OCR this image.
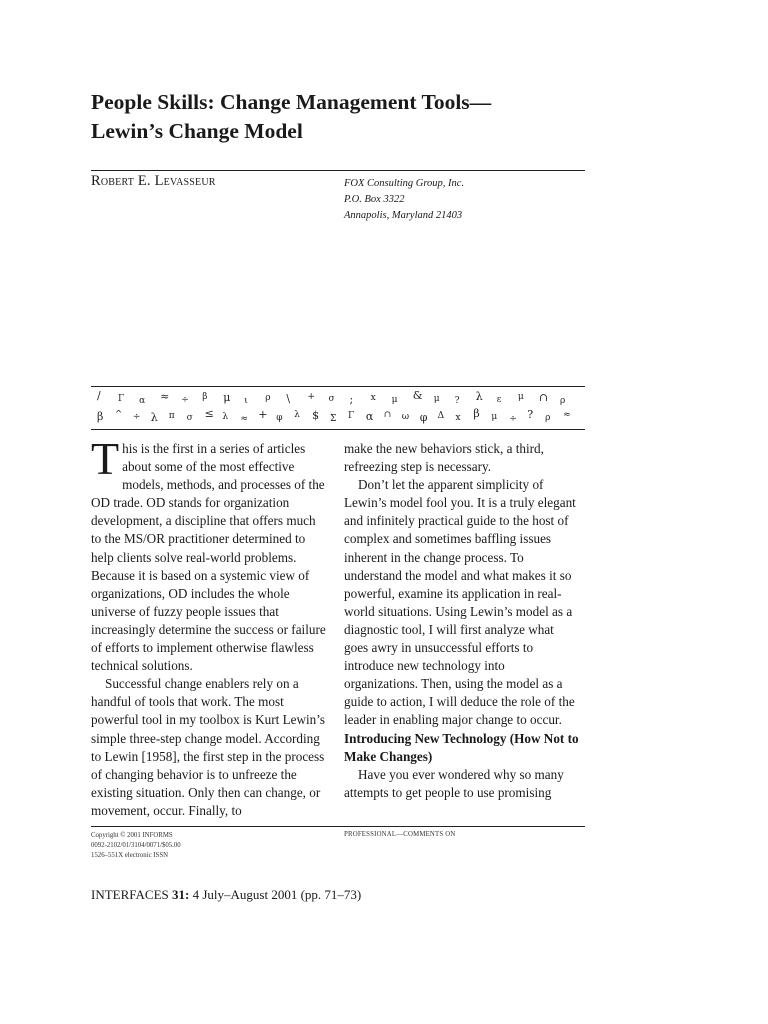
People Skills: Change Management Tools—
Lewin’s Change Model
Robert E. Levasseur	FOX Consulting Group, Inc.
P.O. Box 3322
Annapolis, Maryland 21403
/ Γ α ≈ ÷ β μ ι ρ \ + σ ; x μ & μ ? λ ε μ ∩ ρ
β ^ ÷ λ π σ ≤ λ ≈ + φ λ $ Σ Γ α ∩ ω φ Δ x β μ ÷ ? ρ ≈

This is the first in a series of articles about some of the most effective models, methods, and processes of the OD trade. OD stands for organization development, a discipline that offers much to the MS/OR practitioner determined to help clients solve real-world problems. Because it is based on a systemic view of organizations, OD includes the whole universe of fuzzy people issues that increasingly determine the success or failure of efforts to implement otherwise flawless technical solutions.

Successful change enablers rely on a handful of tools that work. The most powerful tool in my toolbox is Kurt Lewin’s simple three-step change model. According to Lewin [1958], the first step in the process of changing behavior is to unfreeze the existing situation. Only then can change, or movement, occur. Finally, to

make the new behaviors stick, a third, refreezing step is necessary.

Don’t let the apparent simplicity of Lewin’s model fool you. It is a truly elegant and infinitely practical guide to the host of complex and sometimes baffling issues inherent in the change process. To understand the model and what makes it so powerful, examine its application in real-world situations. Using Lewin’s model as a diagnostic tool, I will first analyze what goes awry in unsuccessful efforts to introduce new technology into organizations. Then, using the model as a guide to action, I will deduce the role of the leader in enabling major change to occur.

Introducing New Technology (How Not to Make Changes)

Have you ever wondered why so many attempts to get people to use promising

Copyright © 2001 INFORMS
0092-2102/01/3104/0071/$05.00
1526–551X electronic ISSN
PROFESSIONAL—COMMENTS ON
INTERFACES 31: 4 July–August 2001 (pp. 71–73)
